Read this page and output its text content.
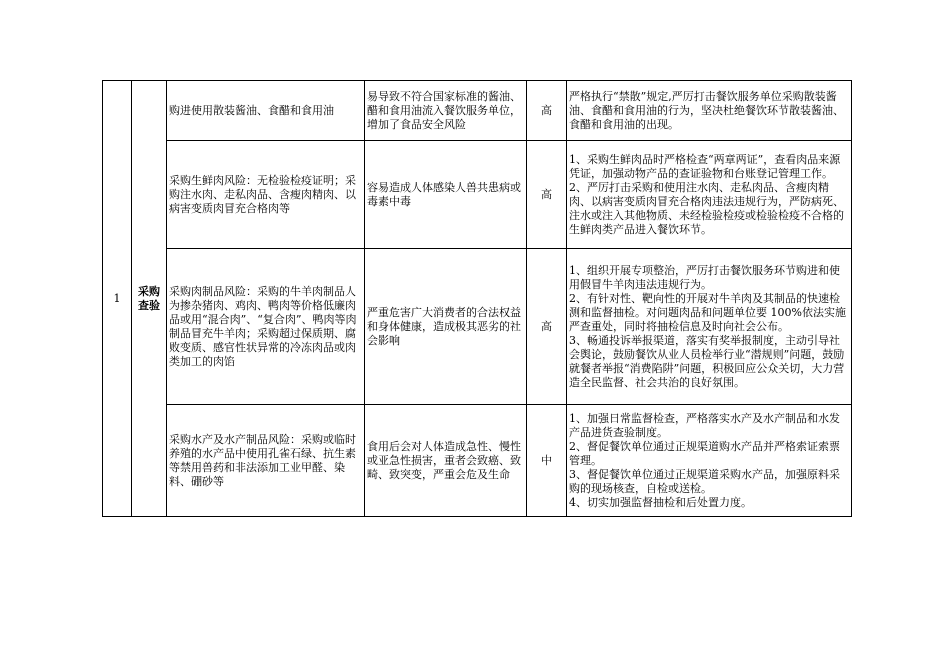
1	采购
查验	购进使用散装酱油、食醋和食用油	易导致不符合国家标准的酱油、醋和食用油流入餐饮服务单位，增加了食品安全风险	高	严格执行“禁散”规定,严厉打击餐饮服务单位采购散装酱油、食醋和食用油的行为，坚决杜绝餐饮环节散装酱油、食醋和食用油的出现。

		采购生鲜肉风险：无检验检疫证明；采购注水肉、走私肉品、含瘦肉精肉、以病害变质肉冒充合格肉等	容易造成人体感染人兽共患病或毒素中毒	高	1、采购生鲜肉品时严格检查“两章两证”，查看肉品来源凭证，加强动物产品的查证验物和台账登记管理工作。
2、严厉打击采购和使用注水肉、走私肉品、含瘦肉精肉、以病害变质肉冒充合格肉违法违规行为，严防病死、注水或注入其他物质、未经检验检疫或检验检疫不合格的生鲜肉类产品进入餐饮环节。

		采购肉制品风险：采购的牛羊肉制品人为掺杂猪肉、鸡肉、鸭肉等价格低廉肉品或用“混合肉”、“复合肉”、鸭肉等肉制品冒充牛羊肉；采购超过保质期、腐败变质、感官性状异常的冷冻肉品或肉类加工的肉馅	严重危害广大消费者的合法权益和身体健康，造成极其恶劣的社会影响	高	1、组织开展专项整治，严厉打击餐饮服务环节购进和使用假冒牛羊肉违法违规行为。
2、有针对性、靶向性的开展对牛羊肉及其制品的快速检测和监督抽检。对问题肉品和问题单位要 100%依法实施严查重处，同时将抽检信息及时向社会公布。
3、畅通投诉举报渠道，落实有奖举报制度，主动引导社会舆论，鼓励餐饮从业人员检举行业“潜规则”问题，鼓励就餐者举报“消费陷阱”问题，积极回应公众关切，大力营造全民监督、社会共治的良好氛围。

		采购水产及水产制品风险：采购或临时养殖的水产品中使用孔雀石绿、抗生素等禁用兽药和非法添加工业甲醛、染料、硼砂等	食用后会对人体造成急性、慢性或亚急性损害，重者会致癌、致畸、致突变，严重会危及生命	中	1、加强日常监督检查，严格落实水产及水产制品和水发产品进货查验制度。
2、督促餐饮单位通过正规渠道购水产品并严格索证索票管理。
3、督促餐饮单位通过正规渠道采购水产品，加强原料采购的现场核查，自检或送检。
4、切实加强监督抽检和后处置力度。
